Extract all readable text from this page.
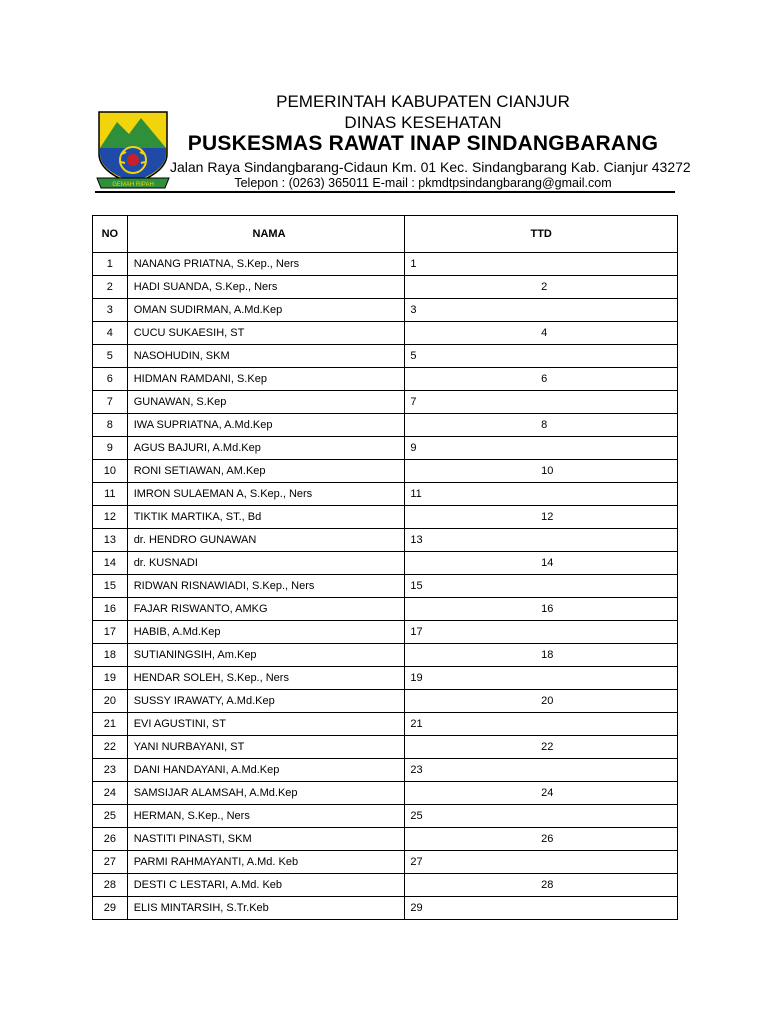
GEMAH RIPAH
PEMERINTAH KABUPATEN CIANJUR
DINAS KESEHATAN
PUSKESMAS RAWAT INAP SINDANGBARANG
Jalan Raya Sindangbarang-Cidaun Km. 01 Kec. Sindangbarang Kab. Cianjur 43272
Telepon : (0263) 365011 E-mail : pkmdtpsindangbarang@gmail.com
NO	NAMA	TTD
1	NANANG PRIATNA, S.Kep., Ners	1

2	HADI SUANDA, S.Kep., Ners	2

3	OMAN SUDIRMAN, A.Md.Kep	3

4	CUCU SUKAESIH, ST	4

5	NASOHUDIN, SKM	5

6	HIDMAN RAMDANI, S.Kep	6

7	GUNAWAN, S.Kep	7

8	IWA SUPRIATNA, A.Md.Kep	8

9	AGUS BAJURI, A.Md.Kep	9

10	RONI SETIAWAN, AM.Kep	10

11	IMRON SULAEMAN A, S.Kep., Ners	11

12	TIKTIK MARTIKA, ST., Bd	12

13	dr. HENDRO GUNAWAN	13

14	dr. KUSNADI	14

15	RIDWAN RISNAWIADI, S.Kep., Ners	15

16	FAJAR RISWANTO, AMKG	16

17	HABIB, A.Md.Kep	17

18	SUTIANINGSIH, Am.Kep	18

19	HENDAR SOLEH, S.Kep., Ners	19

20	SUSSY IRAWATY, A.Md.Kep	20

21	EVI AGUSTINI, ST	21

22	YANI NURBAYANI, ST	22

23	DANI HANDAYANI, A.Md.Kep	23

24	SAMSIJAR ALAMSAH, A.Md.Kep	24

25	HERMAN, S.Kep., Ners	25

26	NASTITI PINASTI, SKM	26

27	PARMI RAHMAYANTI, A.Md. Keb	27

28	DESTI C LESTARI, A.Md. Keb	28

29	ELIS MINTARSIH, S.Tr.Keb	29
